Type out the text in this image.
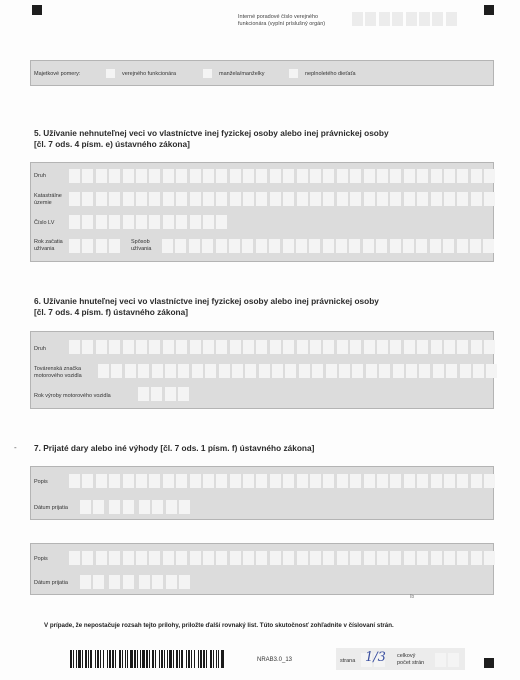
Interné poradové číslo verejného
funkcionára (vyplní príslušný orgán)
Majetkové pomery:	verejného funkcionára	manžela/manželky	neplnoletého dieťaťa
5. Užívanie nehnuteľnej veci vo vlastníctve inej fyzickej osoby alebo inej právnickej osoby
[čl. 7 ods. 4 písm. e) ústavného zákona]
Druh
Katastrálne
územie
Číslo LV
Rok začatia
užívania
Spôsob
užívania
6. Užívanie hnuteľnej veci vo vlastníctve inej fyzickej osoby alebo inej právnickej osoby
[čl. 7 ods. 4 písm. f) ústavného zákona]
Druh
Továrenská značka
motorového vozidla
Rok výroby motorového vozidla
7. Prijaté dary alebo iné výhody [čl. 7 ods. 1 písm. f) ústavného zákona]
-
Popis
Dátum prijatia
Popis
Dátum prijatia
Ib
V prípade, že nepostačuje rozsah tejto prílohy, priložte ďalší rovnaký list. Túto skutočnosť zohľadnite v číslovaní strán.
NRAB3.0_13	strana 1/3 celkový
počet strán
